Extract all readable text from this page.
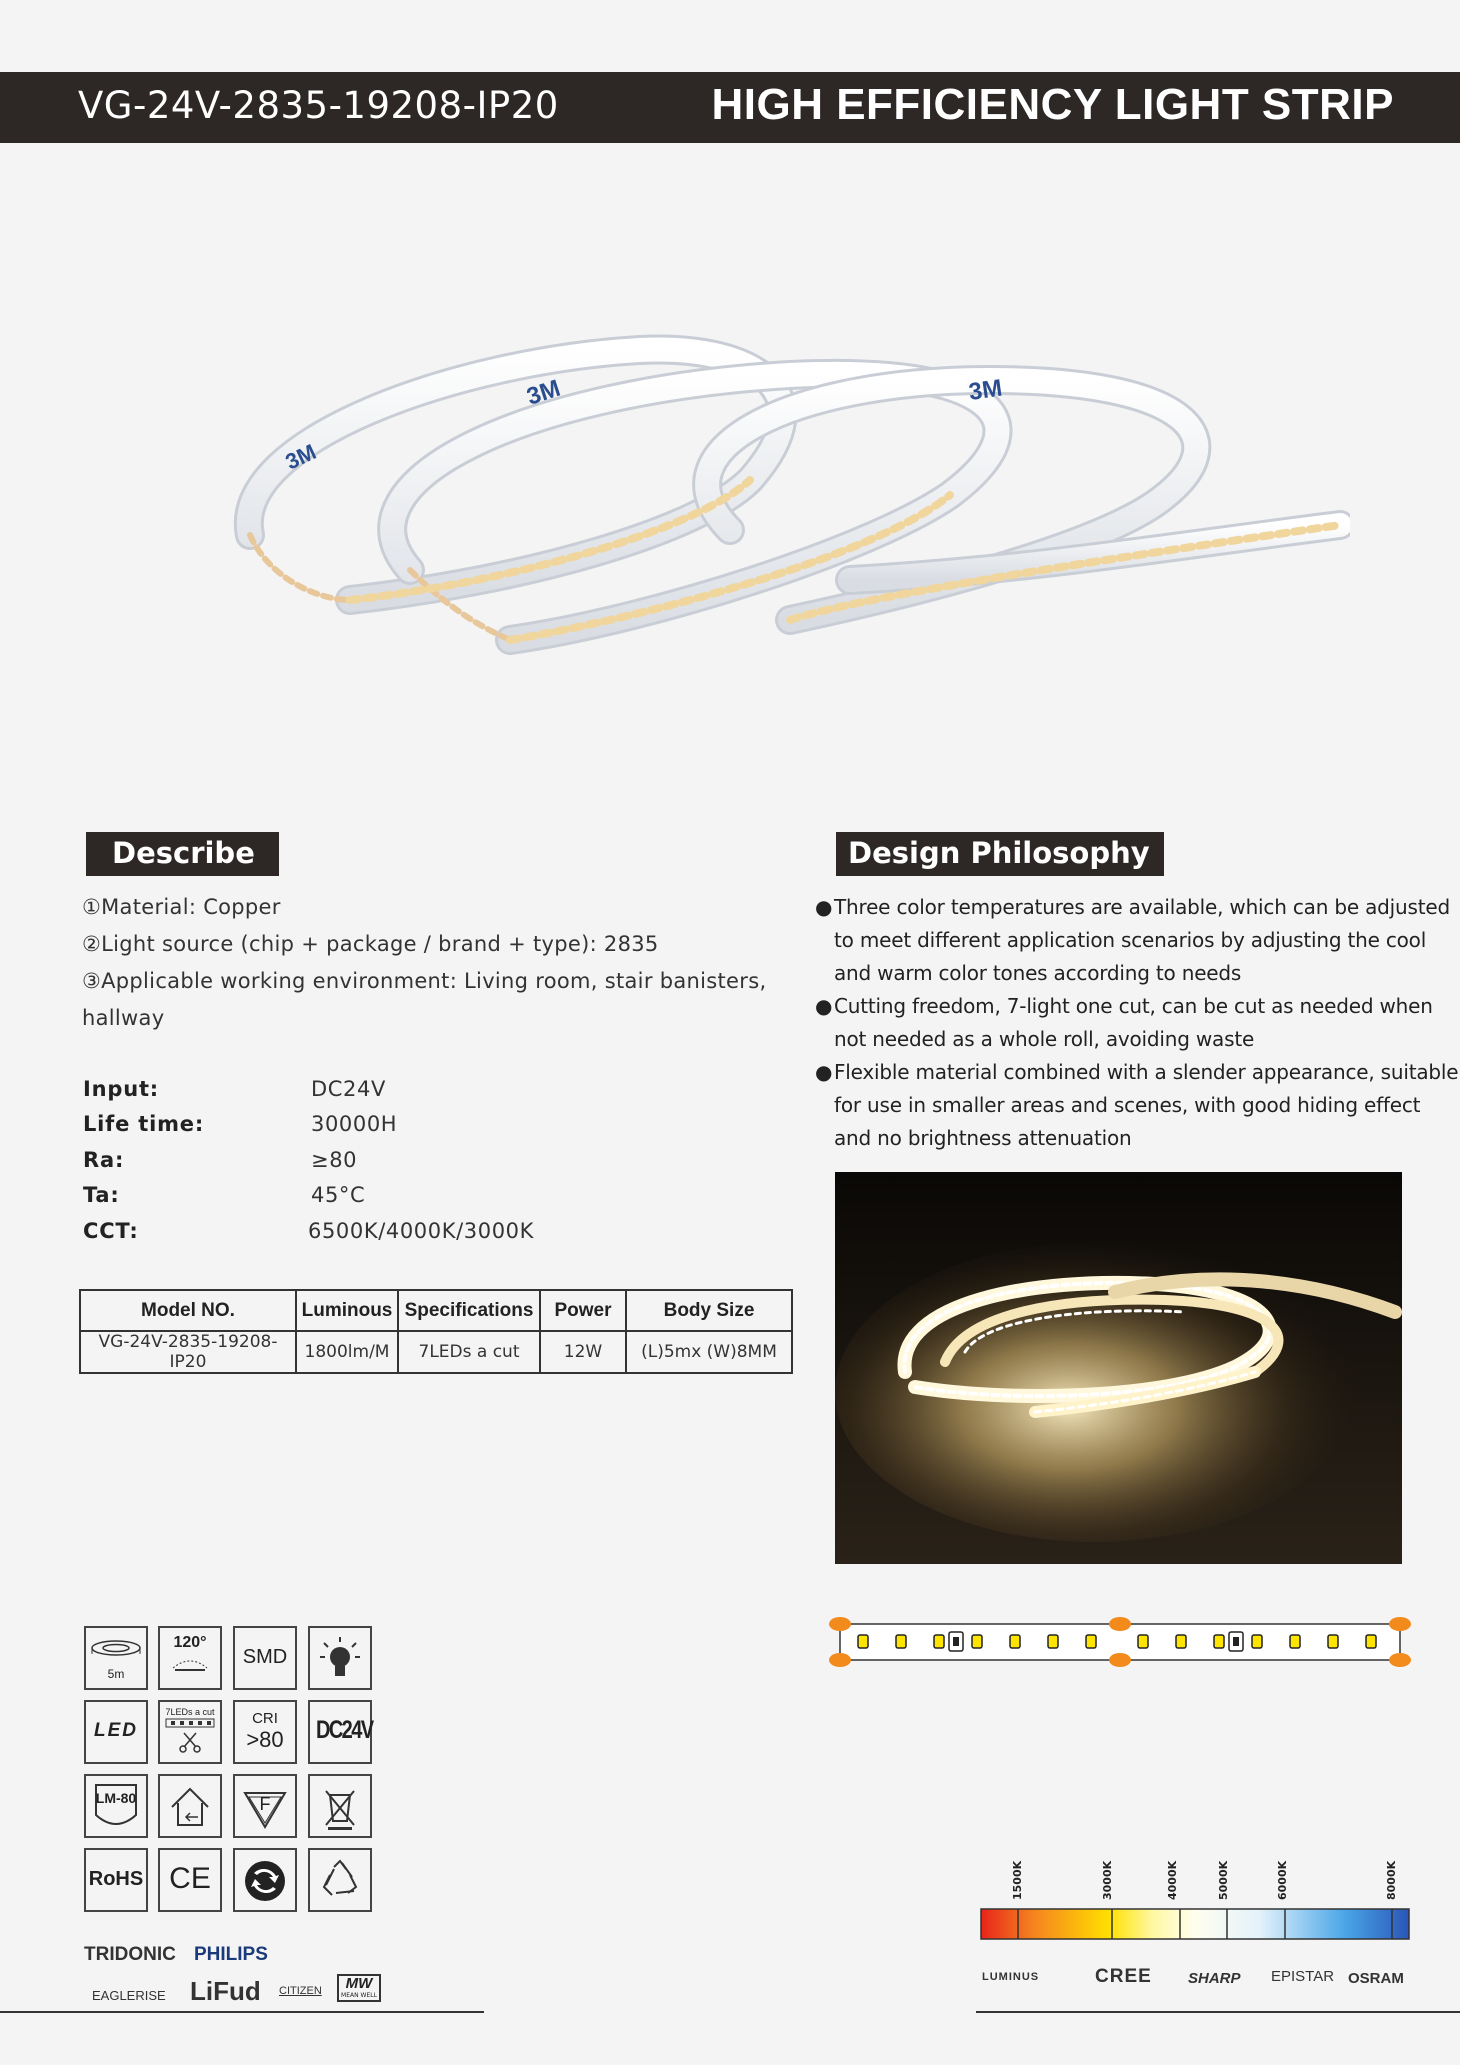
VG-24V-2835-19208-IP20	HIGH EFFICIENCY LIGHT STRIP
3M
3M	3M
Describe
①Material: Copper
②Light source (chip + package / brand + type): 2835
③Applicable working environment: Living room, stair banisters,
hallway
Input:	DC24V
Life time:	30000H
Ra:	≥80
Ta:	45°C
CCT:	6500K/4000K/3000K
Model NO.	Luminous	Specifications	Power	Body Size
VG-24V-2835-19208-IP20	1800lm/M	7LEDs a cut	12W	(L)5mx (W)8MM
Design Philosophy
● Three color temperatures are available, which can be adjusted
to meet different application scenarios by adjusting the cool
and warm color tones according to needs
● Cutting freedom, 7-light one cut, can be cut as needed when
not needed as a whole roll, avoiding waste
● Flexible material combined with a slender appearance, suitable
for use in smaller areas and scenes, with good hiding effect
and no brightness attenuation
5m
120°
SMD
LED
7LEDs a cut	CRI
>80	DC24V
LM-80	F
RoHS CE
TRIDONIC PHILIPS
EAGLERISE LiFud CITIZEN	MW
MEAN WELL
1500K	3000K	4000K	5000K	6000K	8000K
LUMINUS	CREE SHARP EPISTAR OSRAM
